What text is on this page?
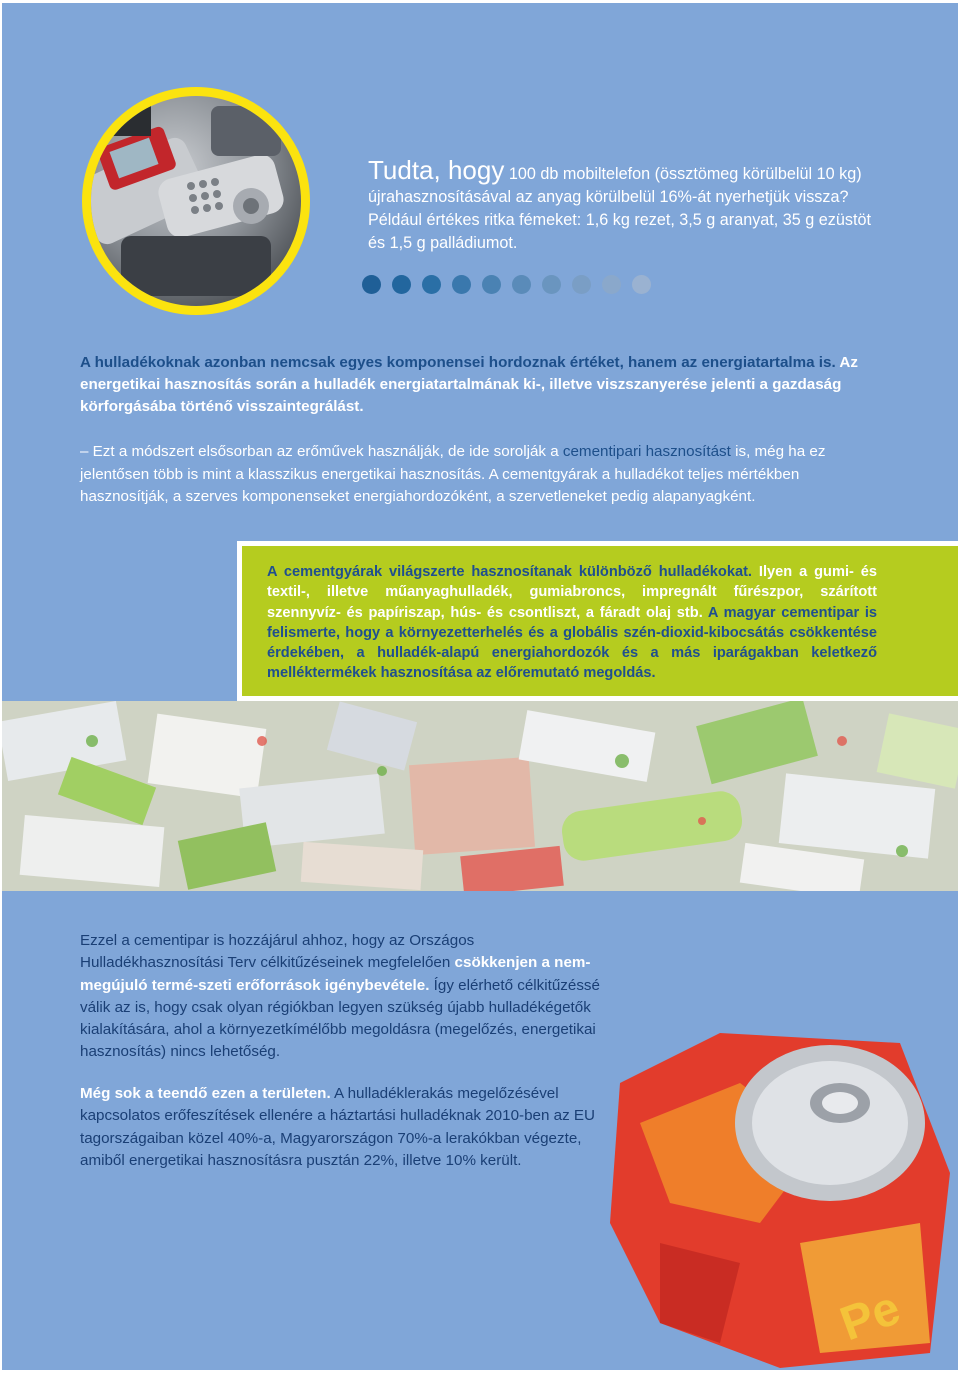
Tudta, hogy 100 db mobiltelefon (össztömeg körülbelül 10 kg) újrahasznosításával az anyag körülbelül 16%-át nyerhetjük vissza? Például értékes ritka fémeket: 1,6 kg rezet, 3,5 g aranyat, 35 g ezüstöt és 1,5 g palládiumot.
A hulladékoknak azonban nemcsak egyes komponensei hordoznak értéket, hanem az energiatartalma is. Az energetikai hasznosítás során a hulladék energiatartalmának ki-, illetve viszszanyerése jelenti a gazdaság körforgásába történő visszaintegrálást.
– Ezt a módszert elsősorban az erőművek használják, de ide sorolják a cementipari hasznosítást is, még ha ez jelentősen több is mint a klasszikus energetikai hasznosítás. A cementgyárak a hulladékot teljes mértékben hasznosítják, a szerves komponenseket energiahordozóként, a szervetleneket pedig alapanyagként.
A cementgyárak világszerte hasznosítanak különböző hulladékokat. Ilyen a gumi- és textil-, illetve műanyaghulladék, gumiabroncs, impregnált fűrészpor, szárított szennyvíz- és papíriszap, hús- és csontliszt, a fáradt olaj stb. A magyar cementipar is felismerte, hogy a környezetterhelés és a globális szén-dioxid-kibocsátás csökkentése érdekében, a hulladék-alapú energiahordozók és a más iparágakban keletkező melléktermékek hasznosítása az előremutató megoldás.
Ezzel a cementipar is hozzájárul ahhoz, hogy az Országos Hulladékhasznosítási Terv célkitűzéseinek megfelelően csökkenjen a nem-megújuló termé-szeti erőforrások igénybevétele. Így elérhető célkitűzéssé válik az is, hogy csak olyan régiókban legyen szükség újabb hulladékégetők kialakítására, ahol a környezetkímélőbb megoldásra (megelőzés, energetikai hasznosítás) nincs lehetőség.
Még sok a teendő ezen a területen. A hulladéklerakás megelőzésével kapcsolatos erőfeszítések ellenére a háztartási hulladéknak 2010-ben az EU tagországaiban közel 40%-a, Magyarországon 70%-a lerakókban végezte, amiből energetikai hasznosításra pusztán 22%, illetve 10% került.
Pe
